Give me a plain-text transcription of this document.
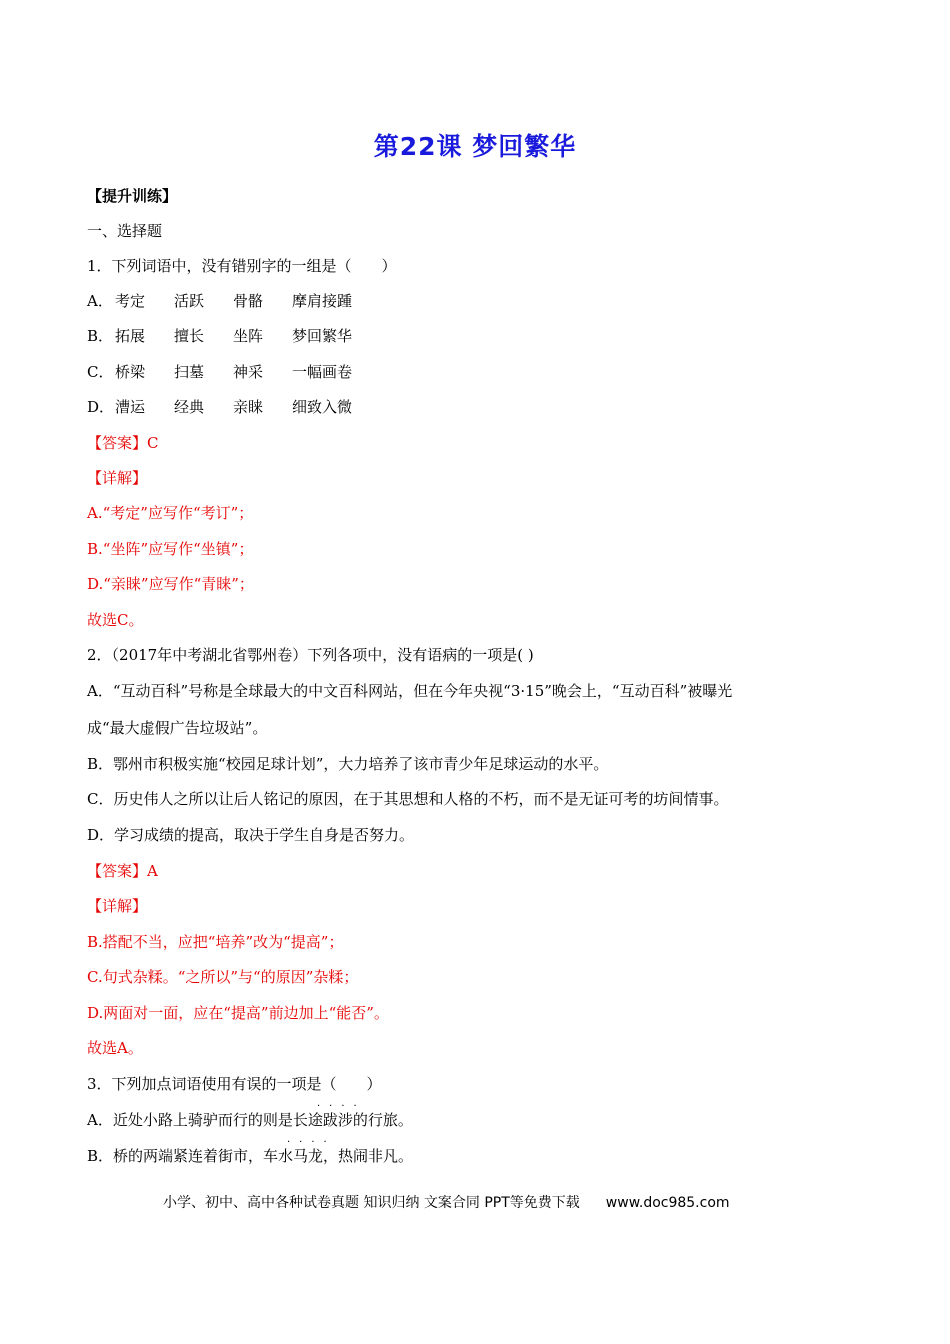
第22课 梦回繁华
【提升训练】
一、选择题
1．下列词语中，没有错别字的一组是（　　）
A． 考定 活跃 骨骼 摩肩接踵
B． 拓展 擅长 坐阵 梦回繁华
C． 桥梁 扫墓 神采 一幅画卷
D．漕运 经典 亲睐 细致入微
【答案】C
【详解】
A.“考定”应写作“考订”；
B.“坐阵”应写作“坐镇”；
D.“亲睐”应写作“青睐”；
故选C。
2．（2017年中考湖北省鄂州卷）下列各项中，没有语病的一项是( )
A．“互动百科”号称是全球最大的中文百科网站，但在今年央视“3·15”晚会上，“互动百科”被曝光
成“最大虚假广告垃圾站”。
B．鄂州市积极实施“校园足球计划”，大力培养了该市青少年足球运动的水平。
C．历史伟人之所以让后人铭记的原因，在于其思想和人格的不朽，而不是无证可考的坊间情事。
D．学习成绩的提高，取决于学生自身是否努力。
【答案】A
【详解】
B.搭配不当，应把“培养”改为“提高”；
C.句式杂糅。“之所以”与“的原因”杂糅；
D.两面对一面，应在“提高”前边加上“能否”。
故选A。
3．下列加点词语使用有误的一项是（　　）
····
A．近处小路上骑驴而行的则是长途跋涉的行旅。
····
B．桥的两端紧连着街市，车水马龙，热闹非凡。
小学、初中、高中各种试卷真题 知识归纳 文案合同 PPT等免费下载 www.doc985.com
